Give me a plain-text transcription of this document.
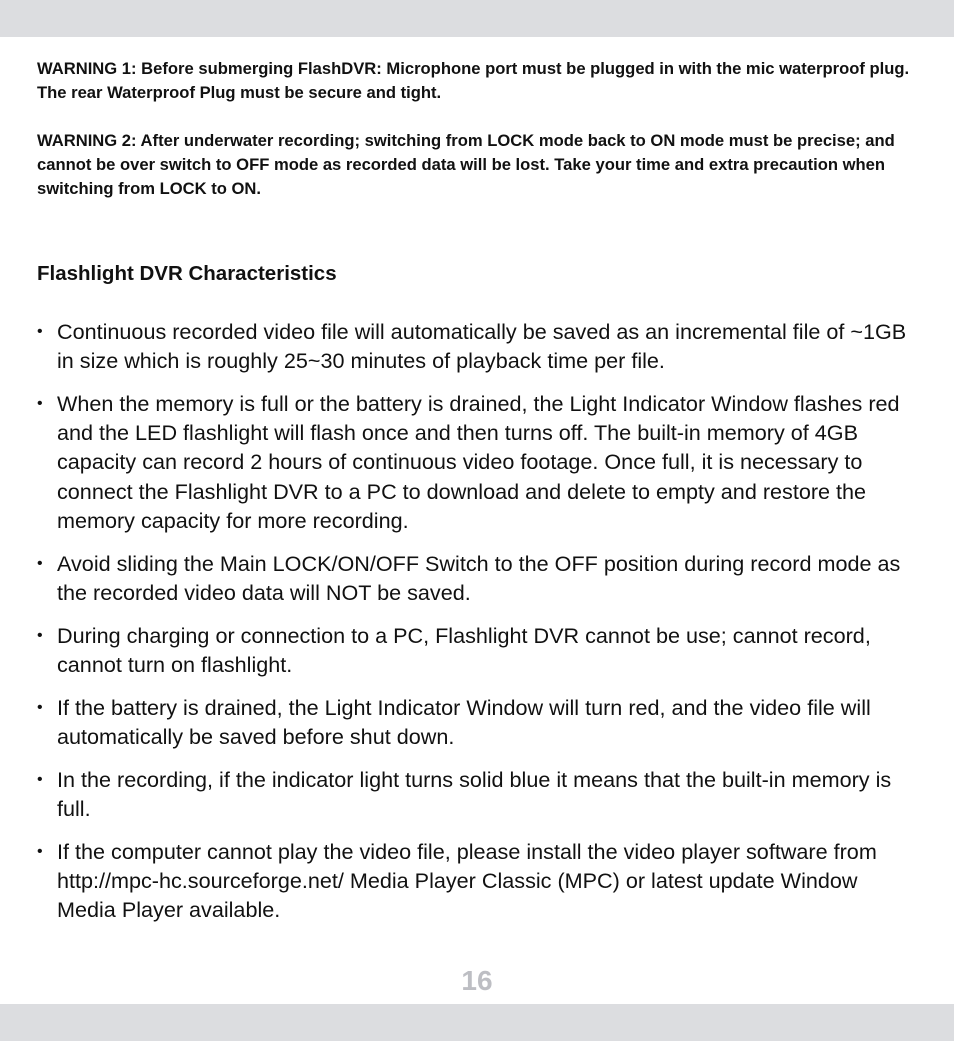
WARNING 1: Before submerging FlashDVR: Microphone port must be plugged in with the mic waterproof plug. The rear Waterproof Plug must be secure and tight.

WARNING 2: After underwater recording; switching from LOCK mode back to ON mode must be precise; and cannot be over switch to OFF mode as recorded data will be lost. Take your time and extra precaution when switching from LOCK to ON.

Flashlight DVR Characteristics
• Continuous recorded video file will automatically be saved as an incremental file of ~1GB in size which is roughly 25~30 minutes of playback time per file.
• When the memory is full or the battery is drained, the Light Indicator Window flashes red and the LED flashlight will flash once and then turns off. The built-in memory of 4GB capacity can record 2 hours of continuous video footage. Once full, it is necessary to connect the Flashlight DVR to a PC to download and delete to empty and restore the memory capacity for more recording.
• Avoid sliding the Main LOCK/ON/OFF Switch to the OFF position during record mode as the recorded video data will NOT be saved.
• During charging or connection to a PC, Flashlight DVR cannot be use; cannot record, cannot turn on flashlight.
• If the battery is drained, the Light Indicator Window will turn red, and the video file will automatically be saved before shut down.
• In the recording, if the indicator light turns solid blue it means that the built-in memory is full.
• If the computer cannot play the video file, please install the video player software from http://mpc-hc.sourceforge.net/ Media Player Classic (MPC) or latest update Window Media Player available.
16
